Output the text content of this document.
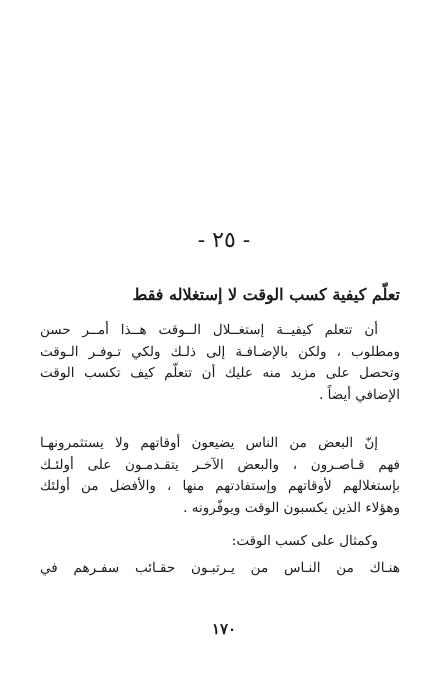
- ٢٥ -
تعلّم كيفية كسب الوقت لا إستغلاله فقط
أن تتعلم كيفيــة إستغــلال الــوقت هــذا أمــر حسن
ومطلوب ، ولكن بالإضـافـة إلى ذلـك ولكي تـوفـر الـوقت
وتحصل على مزيد منه عليك أن تتعلّم كيف تكسب الوقت
الإضافي أيضاً .
إنّ البعض من الناس يضيعون أوقاتهم ولا يستثمرونهـا
فهم قـاصـرون ، والبعض الآخـر يتقـدمـون على أولئـك
بإستغلالهم لأوقاتهم وإستفادتهم منها ، والأفضل من أولئك
وهؤلاء الذين يكسبون الوقت ويوفّرونه .
وكمثال على كسب الوقت:
هنـاك من النـاس من يـرتبـون حقـائب سفـرهم في
١٧٠
